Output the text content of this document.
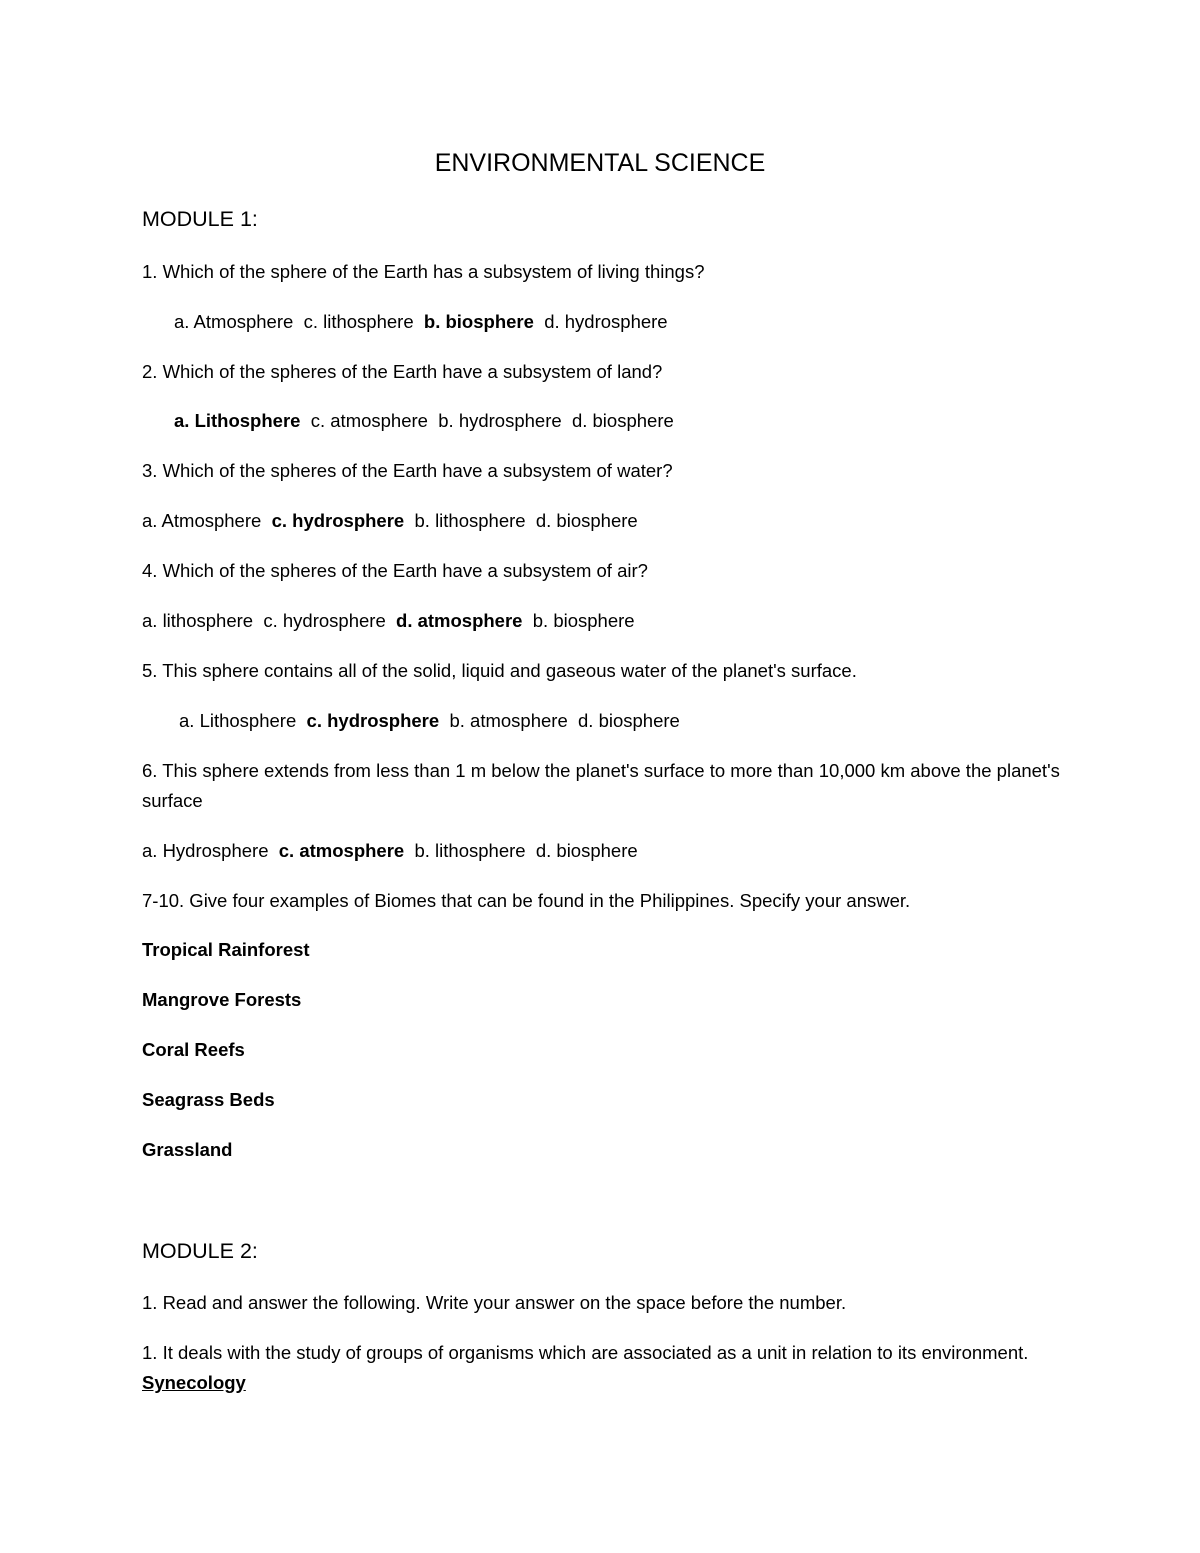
ENVIRONMENTAL SCIENCE

MODULE 1:

1. Which of the sphere of the Earth has a subsystem of living things?

a. Atmosphere c. lithosphere b. biosphere d. hydrosphere

2. Which of the spheres of the Earth have a subsystem of land?

a. Lithosphere c. atmosphere b. hydrosphere d. biosphere

3. Which of the spheres of the Earth have a subsystem of water?

a. Atmosphere c. hydrosphere b. lithosphere d. biosphere

4. Which of the spheres of the Earth have a subsystem of air?

a. lithosphere c. hydrosphere d. atmosphere b. biosphere

5. This sphere contains all of the solid, liquid and gaseous water of the planet's surface.

a. Lithosphere c. hydrosphere b. atmosphere d. biosphere

6. This sphere extends from less than 1 m below the planet's surface to more than 10,000 km above the planet's surface

a. Hydrosphere c. atmosphere b. lithosphere d. biosphere

7-10. Give four examples of Biomes that can be found in the Philippines. Specify your answer.

Tropical Rainforest

Mangrove Forests

Coral Reefs

Seagrass Beds

Grassland

MODULE 2:

1. Read and answer the following. Write your answer on the space before the number.

1. It deals with the study of groups of organisms which are associated as a unit in relation to its environment. Synecology
